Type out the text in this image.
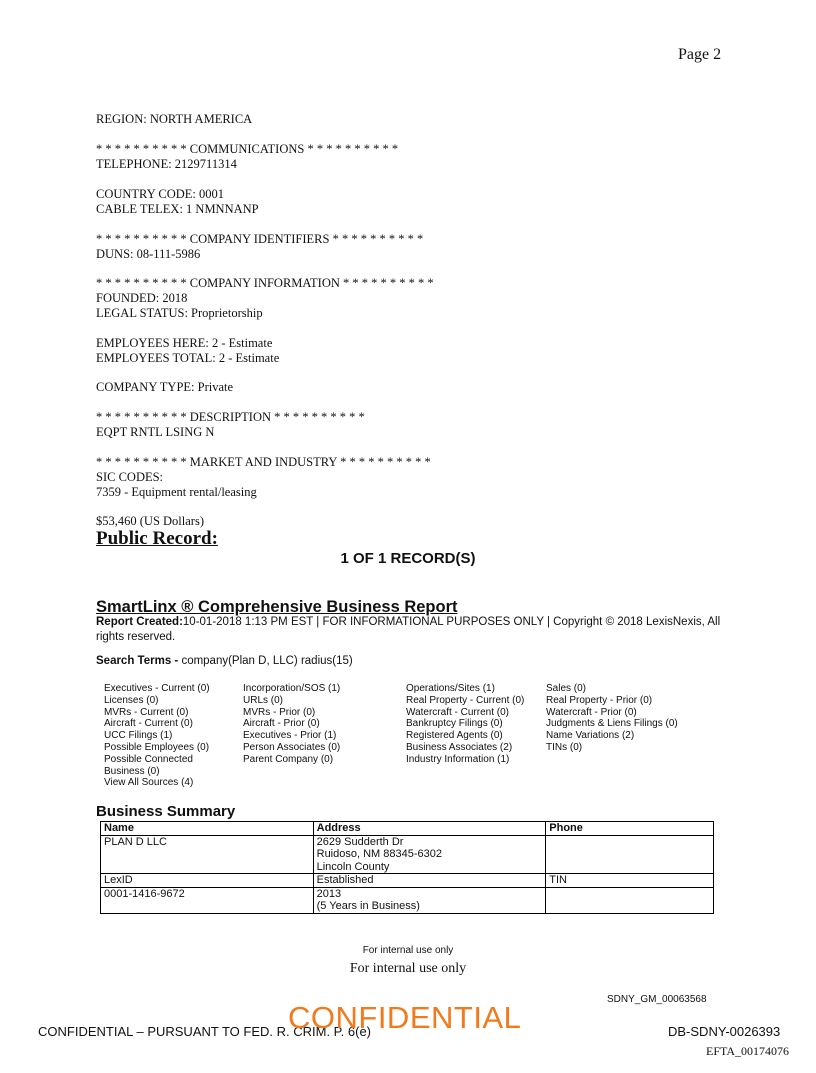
Page 2
REGION: NORTH AMERICA
* * * * * * * * * * COMMUNICATIONS * * * * * * * * * *
TELEPHONE: 2129711314
COUNTRY CODE: 0001
CABLE TELEX: 1 NMNNANP
* * * * * * * * * * COMPANY IDENTIFIERS * * * * * * * * * *
DUNS: 08-111-5986
* * * * * * * * * * COMPANY INFORMATION * * * * * * * * * *
FOUNDED: 2018
LEGAL STATUS: Proprietorship
EMPLOYEES HERE: 2 - Estimate
EMPLOYEES TOTAL: 2 - Estimate
COMPANY TYPE: Private
* * * * * * * * * * DESCRIPTION * * * * * * * * * *
EQPT RNTL LSING N
* * * * * * * * * * MARKET AND INDUSTRY * * * * * * * * * *
SIC CODES:
7359 - Equipment rental/leasing
$53,460 (US Dollars)
Public Record:
1 OF 1 RECORD(S)
SmartLinx ® Comprehensive Business Report
Report Created:10-01-2018 1:13 PM EST | FOR INFORMATIONAL PURPOSES ONLY | Copyright © 2018 LexisNexis, All rights reserved.
Search Terms - company(Plan D, LLC) radius(15)
Executives - Current (0)
Licenses (0)
MVRs - Current (0)
Aircraft - Current (0)
UCC Filings (1)
Possible Employees (0)
Possible Connected
Business (0)
View All Sources (4)
Incorporation/SOS (1)
URLs (0)
MVRs - Prior (0)
Aircraft - Prior (0)
Executives - Prior (1)
Person Associates (0)
Parent Company (0)
Operations/Sites (1)
Real Property - Current (0)
Watercraft - Current (0)
Bankruptcy Filings (0)
Registered Agents (0)
Business Associates (2)
Industry Information (1)
Sales (0)
Real Property - Prior (0)
Watercraft - Prior (0)
Judgments & Liens Filings (0)
Name Variations (2)
TINs (0)
Business Summary
Name	Address	Phone
PLAN D LLC	2629 Sudderth Dr
Ruidoso, NM 88345-6302
Lincoln County	

LexID	Established	TIN
0001-1416-9672	2013
(5 Years in Business)	

For internal use only
For internal use only
SDNY_GM_00063568
CONFIDENTIAL – PURSUANT TO FED. R. CRIM. P. 6(e)
CONFIDENTIAL	DB-SDNY-0026393
EFTA_00174076
